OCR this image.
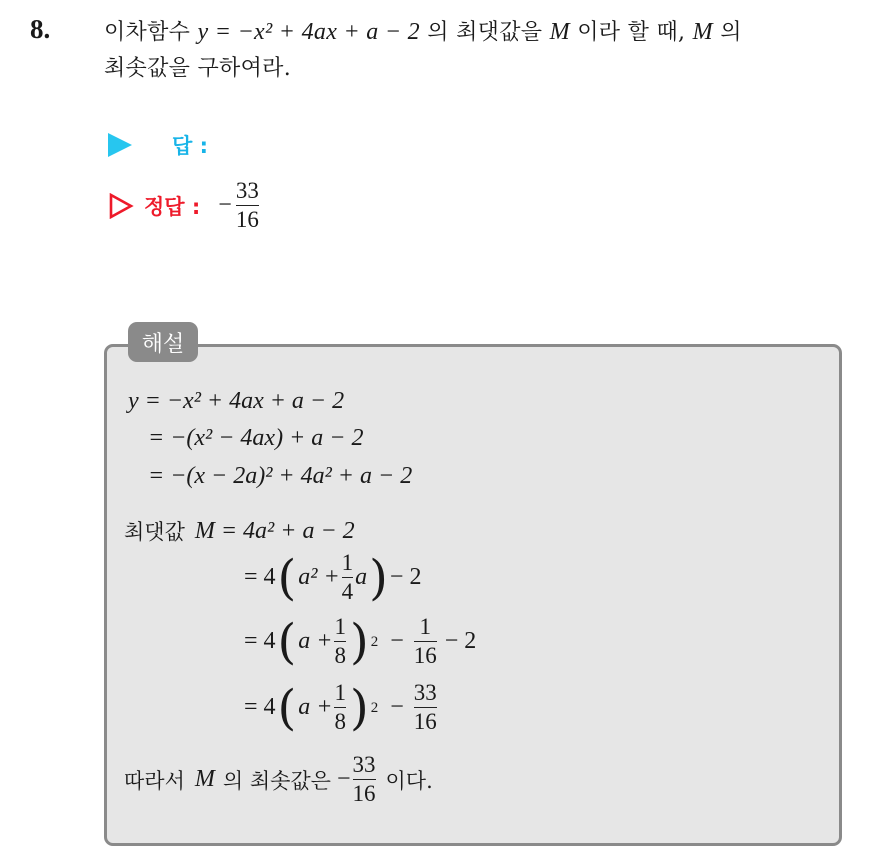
8. 이차함수 y = −x² + 4ax + a − 2 의 최댓값을 M 이라 할 때, M 의
최솟값을 구하여라.
답 :
정답 : − $\frac{33}{16}$
해설
y = −x² + 4ax + a − 2
= −(x² − 4ax) + a − 2
= −(x − 2a)² + 4a² + a − 2
최댓값 M = 4a² + a − 2
= 4 ( $a^2 + \frac{1}{4}$ a ) − 2
= 4 ( $a + \frac{1}{8}$ ) $2 - \frac{1}{16} - 2$
= 4 ( $a + \frac{1}{8}$ ) $2 - \frac{33}{16}$
따라서 M 의 최솟값은 − $\frac{33}{16}$ 이다.
